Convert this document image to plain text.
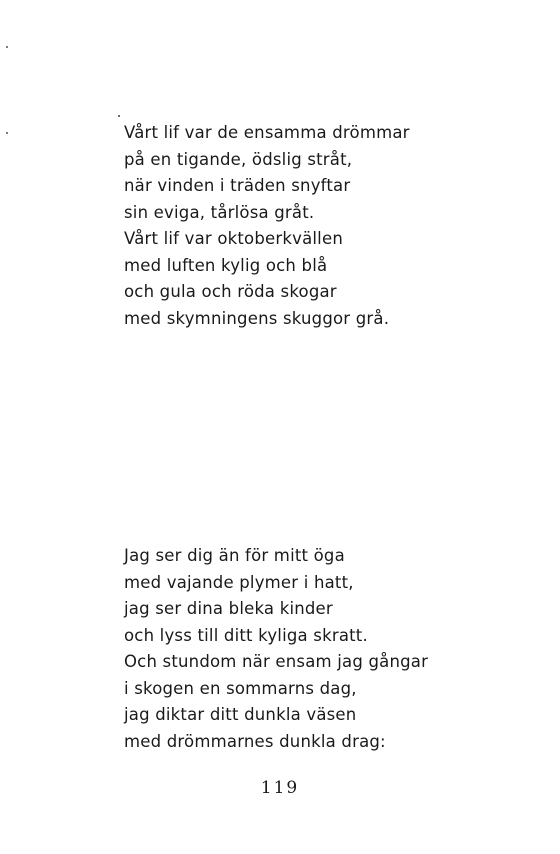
Vårt lif var de ensamma drömmar
på en tigande, ödslig stråt,
när vinden i träden snyftar
sin eviga, tårlösa gråt.
Vårt lif var oktoberkvällen
med luften kylig och blå
och gula och röda skogar
med skymningens skuggor grå.
Jag ser dig än för mitt öga
med vajande plymer i hatt,
jag ser dina bleka kinder
och lyss till ditt kyliga skratt.
Och stundom när ensam jag gångar
i skogen en sommarns dag,
jag diktar ditt dunkla väsen
med drömmarnes dunkla drag:
119
